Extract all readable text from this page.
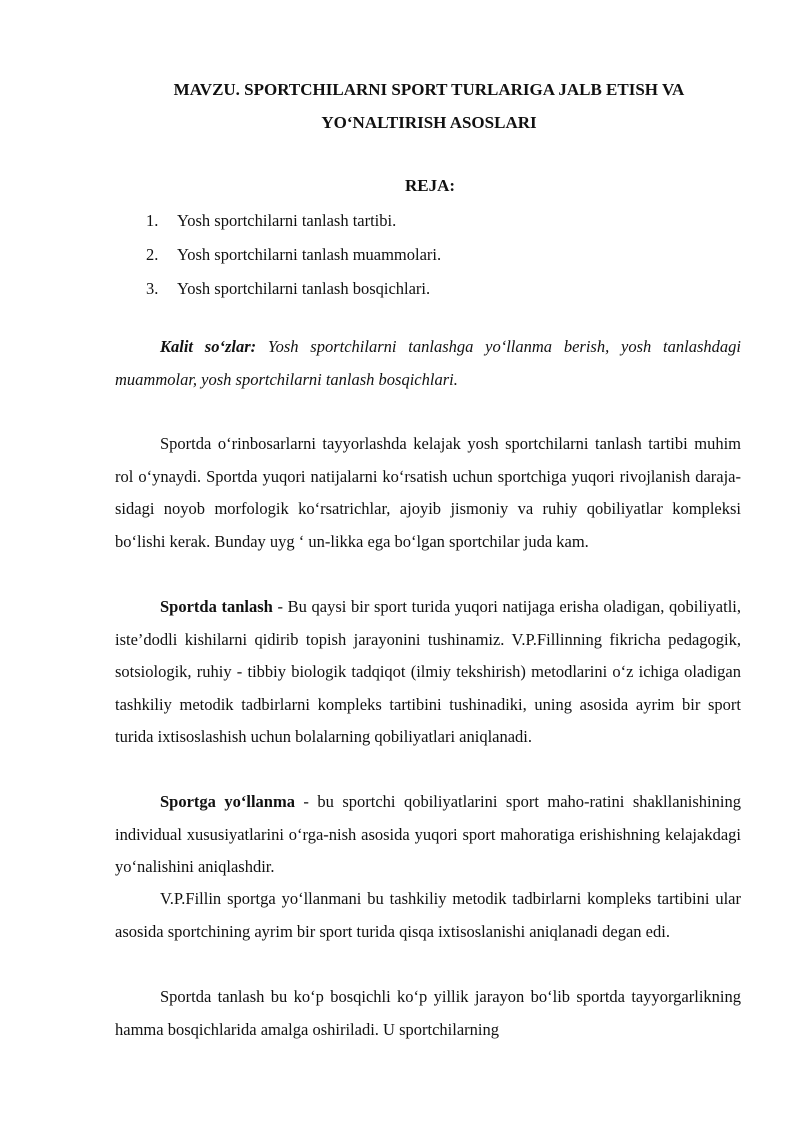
MAVZU. SPORTCHILARNI SPORT TURLARIGA JALB ETISH VA
YO‘NALTIRISH ASOSLARI
REJA:
1. Yosh sportchilarni tanlash tartibi.
2. Yosh sportchilarni tanlash muammolari.
3. Yosh sportchilarni tanlash bosqichlari.

Kalit so‘zlar: Yosh sportchilarni tanlashga yo‘llanma berish, yosh tanlashdagi muammolar, yosh sportchilarni tanlash bosqichlari.

Sportda o‘rinbosarlarni tayyorlashda kelajak yosh sportchilarni tanlash tartibi muhim rol o‘ynaydi. Sportda yuqori natijalarni ko‘rsatish uchun sportchiga yuqori rivojlanish daraja-sidagi noyob morfologik ko‘rsatrichlar, ajoyib jismoniy va ruhiy qobiliyatlar kompleksi bo‘lishi kerak. Bunday uyg ‘ un-likka ega bo‘lgan sportchilar juda kam.

Sportda tanlash - Bu qaysi bir sport turida yuqori natijaga erisha oladigan, qobiliyatli, iste’dodli kishilarni qidirib topish jarayonini tushinamiz. V.P.Fillinning fikricha pedagogik, sotsiologik, ruhiy - tibbiy biologik tadqiqot (ilmiy tekshirish) metodlarini o‘z ichiga oladigan tashkiliy metodik tadbirlarni kompleks tartibini tushinadiki, uning asosida ayrim bir sport turida ixtisoslashish uchun bolalarning qobiliyatlari aniqlanadi.

Sportga yo‘llanma - bu sportchi qobiliyatlarini sport maho-ratini shakllanishining individual xususiyatlarini o‘rga-nish asosida yuqori sport mahoratiga erishishning kelajakdagi yo‘nalishini aniqlashdir.

V.P.Fillin sportga yo‘llanmani bu tashkiliy metodik tadbirlarni kompleks tartibini ular asosida sportchining ayrim bir sport turida qisqa ixtisoslanishi aniqlanadi degan edi.

Sportda tanlash bu ko‘p bosqichli ko‘p yillik jarayon bo‘lib sportda tayyorgarlikning hamma bosqichlarida amalga oshiriladi. U sportchilarning
